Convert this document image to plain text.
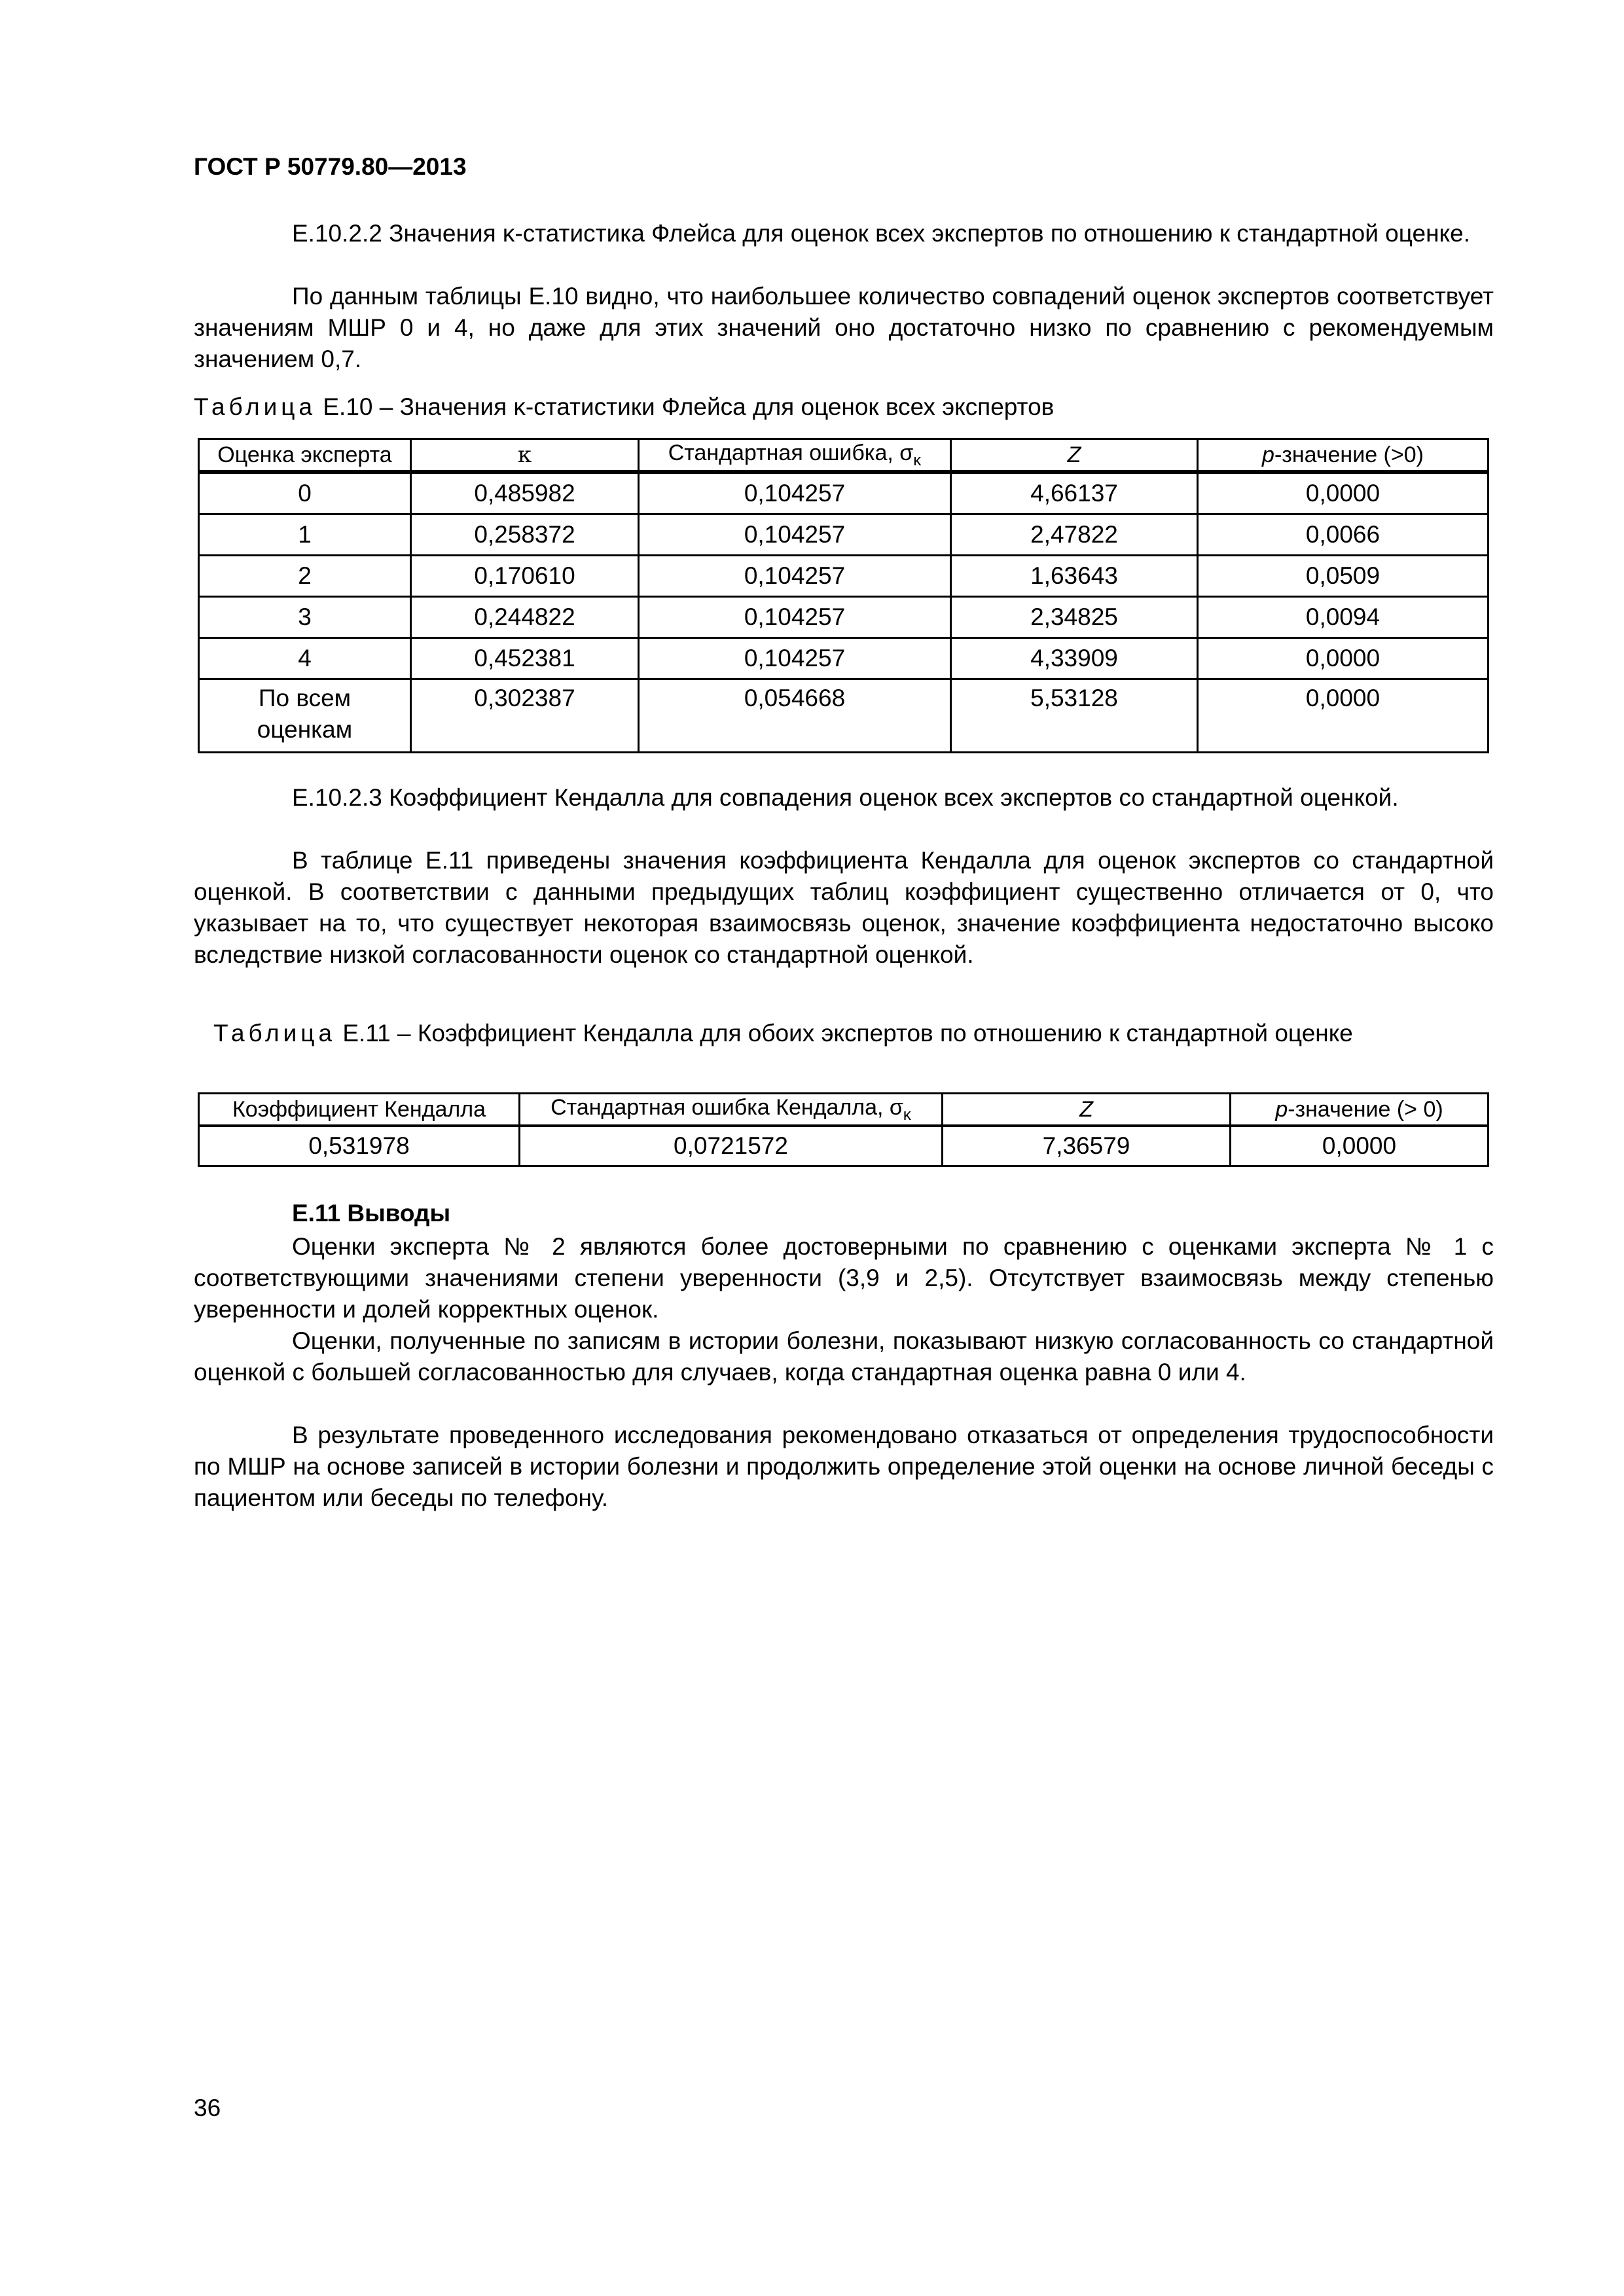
ГОСТ Р 50779.80—2013

Е.10.2.2 Значения κ-статистика Флейса для оценок всех экспертов по отношению к стандартной оценке.

По данным таблицы Е.10 видно, что наибольшее количество совпадений оценок экспертов соответствует значениям МШР 0 и 4, но даже для этих значений оно достаточно низко по сравнению с рекомендуемым значением 0,7.

Таблица Е.10 – Значения κ-статистики Флейса для оценок всех экспертов

Оценка эксперта	κ	Стандартная ошибка, $\sigma_\kappa$	Z	p-значение (>0)
0	0,485982	0,104257	4,66137	0,0000
1	0,258372	0,104257	2,47822	0,0066
2	0,170610	0,104257	1,63643	0,0509
3	0,244822	0,104257	2,34825	0,0094
4	0,452381	0,104257	4,33909	0,0000
По всем
оценкам	0,302387	0,054668	5,53128	0,0000

Е.10.2.3 Коэффициент Кендалла для совпадения оценок всех экспертов со стандартной оценкой.

В таблице Е.11 приведены значения коэффициента Кендалла для оценок экспертов со стандартной оценкой. В соответствии с данными предыдущих таблиц коэффициент существенно отличается от 0, что указывает на то, что существует некоторая взаимосвязь оценок, значение коэффициента недостаточно высоко вследствие низкой согласованности оценок со стандартной оценкой.

Таблица Е.11 – Коэффициент Кендалла для обоих экспертов по отношению к стандартной оценке

Коэффициент Кендалла	Стандартная ошибка Кендалла, $\sigma_\kappa$	Z	p-значение (> 0)
0,531978	0,0721572	7,36579	0,0000
Е.11 Выводы

Оценки эксперта № 2 являются более достоверными по сравнению с оценками эксперта № 1 с соответствующими значениями степени уверенности (3,9 и 2,5). Отсутствует взаимосвязь между степенью уверенности и долей корректных оценок.

Оценки, полученные по записям в истории болезни, показывают низкую согласованность со стандартной оценкой с большей согласованностью для случаев, когда стандартная оценка равна 0 или 4.

В результате проведенного исследования рекомендовано отказаться от определения трудоспособности по МШР на основе записей в истории болезни и продолжить определение этой оценки на основе личной беседы с пациентом или беседы по телефону.

36
